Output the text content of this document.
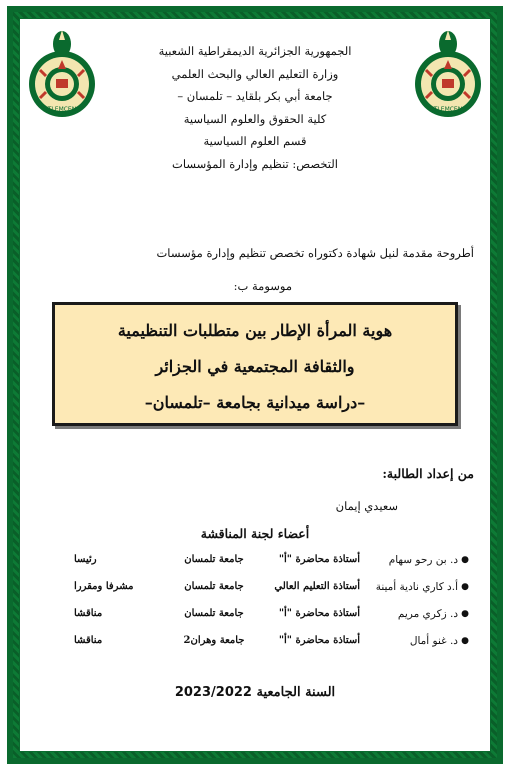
TLEMCEN	TLEMCEN
الجمهورية الجزائرية الديمقراطية الشعبية
وزارة التعليم العالي والبحث العلمي
جامعة أبي بكر بلقايد – تلمسان –
كلية الحقوق والعلوم السياسية
قسم العلوم السياسية
التخصص: تنظيم وإدارة المؤسسات
أطروحة مقدمة لنيل شهادة دكتوراه تخصص تنظيم وإدارة مؤسسات
موسومة ب:
هوية المرأة الإطار بين متطلبات التنظيمية
والثقافة المجتمعية في الجزائر
–دراسة ميدانية بجامعة –تلمسان–
من إعداد الطالبة:
سعيدي إيمان
أعضاء لجنة المناقشة
●
د. بن رحو سهام
أستاذة محاضرة "أ"
جامعة تلمسان
رئيسا
●
أ.د كاري نادية أمينة
أستاذة التعليم العالي
جامعة تلمسان
مشرفا ومقررا
●
د. زكري مريم
أستاذة محاضرة "أ"
جامعة تلمسان
مناقشا
●
د. غنو أمال
أستاذة محاضرة "أ"
جامعة وهران2
مناقشا
السنة الجامعية 2023/2022
